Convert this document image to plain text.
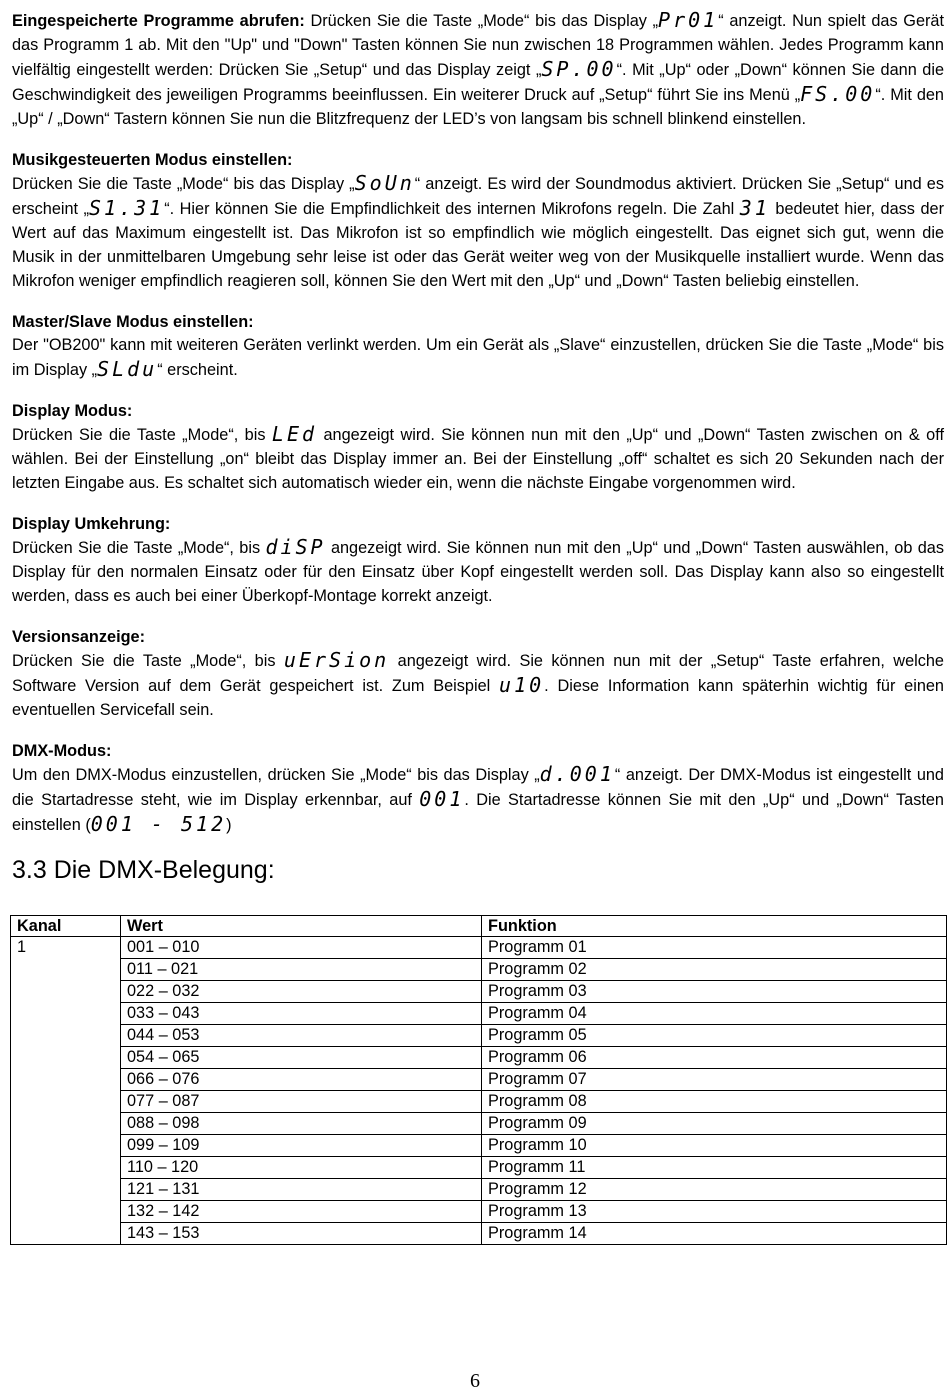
Eingespeicherte Programme abrufen: Drücken Sie die Taste „Mode“ bis das Display „Pr01“ anzeigt. Nun spielt das Gerät das Programm 1 ab. Mit den "Up" und "Down" Tasten können Sie nun zwischen 18 Programmen wählen. Jedes Programm kann vielfältig eingestellt werden: Drücken Sie „Setup“ und das Display zeigt „SP.00“. Mit „Up“ oder „Down“ können Sie dann die Geschwindigkeit des jeweiligen Programms beeinflussen. Ein weiterer Druck auf „Setup“ führt Sie ins Menü „FS.00“. Mit den „Up“ / „Down“ Tastern können Sie nun die Blitzfrequenz der LED’s von langsam bis schnell blinkend einstellen.

Musikgesteuerten Modus einstellen:

Drücken Sie die Taste „Mode“ bis das Display „SoUn“ anzeigt. Es wird der Soundmodus aktiviert. Drücken Sie „Setup“ und es erscheint „S1.31“. Hier können Sie die Empfindlichkeit des internen Mikrofons regeln. Die Zahl 31 bedeutet hier, dass der Wert auf das Maximum eingestellt ist. Das Mikrofon ist so empfindlich wie möglich eingestellt. Das eignet sich gut, wenn die Musik in der unmittelbaren Umgebung sehr leise ist oder das Gerät weiter weg von der Musikquelle installiert wurde. Wenn das Mikrofon weniger empfindlich reagieren soll, können Sie den Wert mit den „Up“ und „Down“ Tasten beliebig einstellen.

Master/Slave Modus einstellen:

Der "OB200" kann mit weiteren Geräten verlinkt werden. Um ein Gerät als „Slave“ einzustellen, drücken Sie die Taste „Mode“ bis im Display „SLdu“ erscheint.

Display Modus:

Drücken Sie die Taste „Mode“, bis LEd angezeigt wird. Sie können nun mit den „Up“ und „Down“ Tasten zwischen on & off wählen. Bei der Einstellung „on“ bleibt das Display immer an. Bei der Einstellung „off“ schaltet es sich 20 Sekunden nach der letzten Eingabe aus. Es schaltet sich automatisch wieder ein, wenn die nächste Eingabe vorgenommen wird.

Display Umkehrung:

Drücken Sie die Taste „Mode“, bis diSP angezeigt wird. Sie können nun mit den „Up“ und „Down“ Tasten auswählen, ob das Display für den normalen Einsatz oder für den Einsatz über Kopf eingestellt werden soll. Das Display kann also so eingestellt werden, dass es auch bei einer Überkopf-Montage korrekt anzeigt.

Versionsanzeige:

Drücken Sie die Taste „Mode“, bis uErSion angezeigt wird. Sie können nun mit der „Setup“ Taste erfahren, welche Software Version auf dem Gerät gespeichert ist. Zum Beispiel u10. Diese Information kann späterhin wichtig für einen eventuellen Servicefall sein.

DMX-Modus:

Um den DMX-Modus einzustellen, drücken Sie „Mode“ bis das Display „d.001“ anzeigt. Der DMX-Modus ist eingestellt und die Startadresse steht, wie im Display erkennbar, auf 001. Die Startadresse können Sie mit den „Up“ und „Down“ Tasten einstellen (001 - 512)

3.3 Die DMX-Belegung:
Kanal	Wert	Funktion
1	001 – 010	Programm 01
	011 – 021	Programm 02
	022 – 032	Programm 03
	033 – 043	Programm 04
	044 – 053	Programm 05
	054 – 065	Programm 06
	066 – 076	Programm 07
	077 – 087	Programm 08
	088 – 098	Programm 09
	099 – 109	Programm 10
	110 – 120	Programm 11
	121 – 131	Programm 12
	132 – 142	Programm 13
	143 – 153	Programm 14
6
